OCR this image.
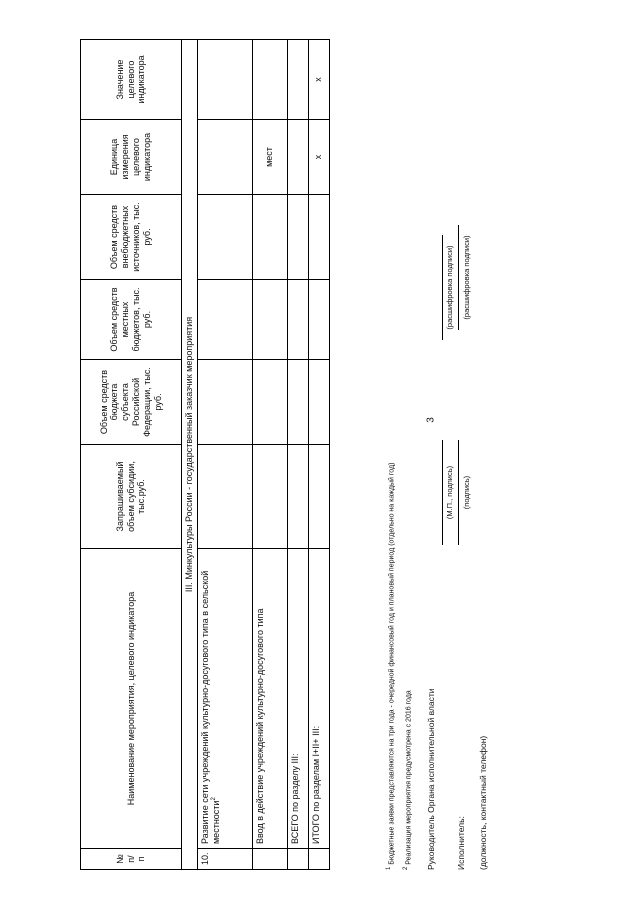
3
№ п/п	Наименование мероприятия, целевого индикатора	Запрашиваемый объем субсидии, тыс.руб.	Объем средств бюджета субъекта Российской Федерации, тыс. руб.	Объем средств местных бюджетов, тыс. руб.	Объем средств внебюджетных источников, тыс. руб.	Единица измерения целевого индикатора	Значение целевого индикатора
III. Минкультуры России - государственный заказчик мероприятия							
10.	Развитие сети учреждений культурно-досугового типа в сельской местности$^2$						
	Ввод в действие учреждений культурно-досугового типа					мест	
	ВСЕГО по разделу III:						
	ИТОГО по разделам I+II+ III:					х	х
$^1$ Бюджетные заявки представляются на три года - очередной финансовый год и плановый период (отдельно на каждый год)
$^2$ Реализация мероприятия предусмотрена с 2016 года	Руководитель Органа исполнительной власти
(М.П., подпись)
(расшифровка подписи)
Исполнитель:
(подпись)
(расшифровка подписи)
(должность, контактный телефон)
